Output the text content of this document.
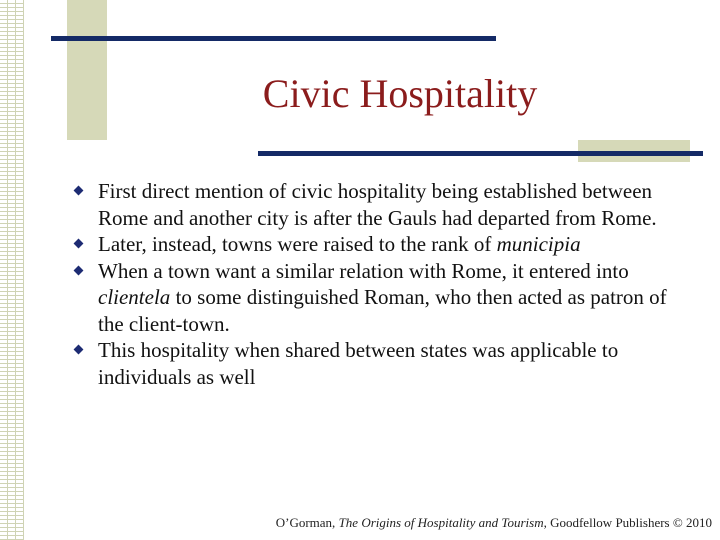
Civic Hospitality
First direct mention of civic hospitality being established between Rome and another city is after the Gauls had departed from Rome.
Later, instead, towns were raised to the rank of municipia
When a town want a similar relation with Rome, it entered into clientela to some distinguished Roman, who then acted as patron of the client-town.
This hospitality when shared between states was applicable to individuals as well
O’Gorman, The Origins of Hospitality and Tourism, Goodfellow Publishers © 2010
